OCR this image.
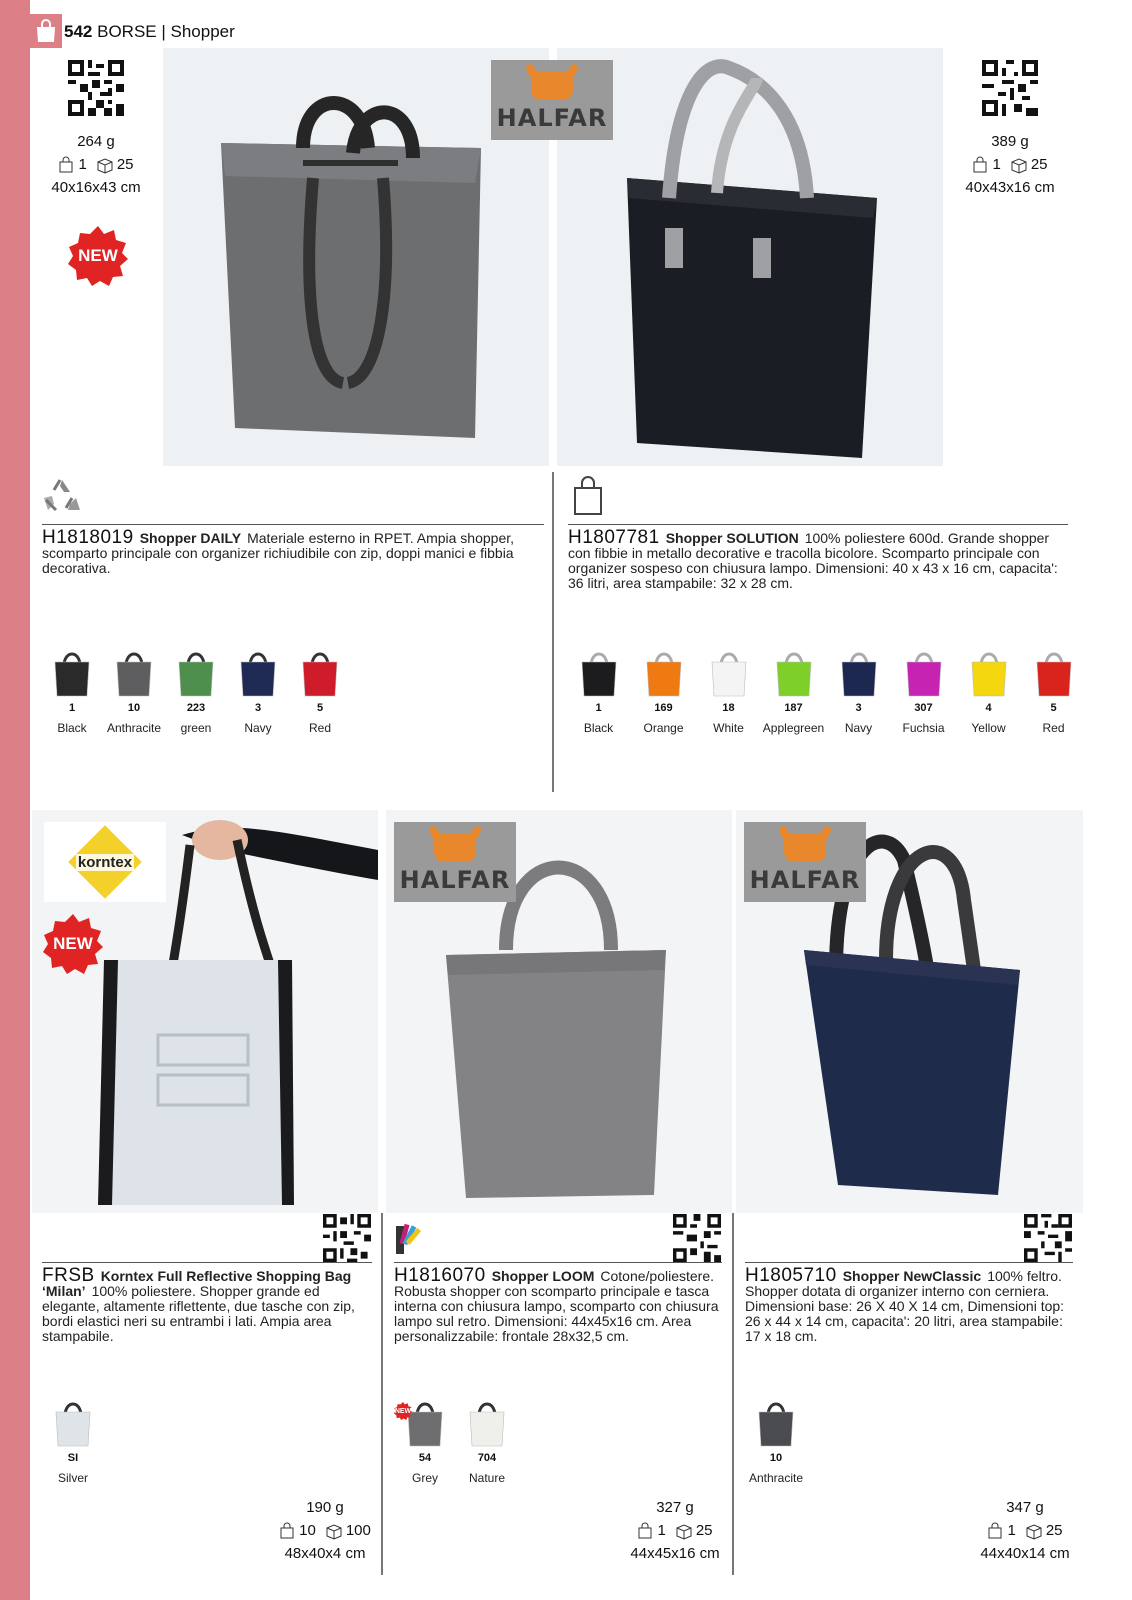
542 BORSE | Shopper
HALFAR
264 g
1 25
40x16x43 cm
NEW
389 g
1 25
40x43x16 cm
H1818019 Shopper DAILY Materiale esterno in RPET. Ampia shopper, scomparto principale con organizer richiudibile con zip, doppi manici e fibbia decorativa.
H1807781 Shopper SOLUTION 100% poliestere 600d. Grande shopper con fibbie in metallo decorative e tracolla bicolore. Scomparto principale con organizer sospeso con chiusura lampo. Dimensioni: 40 x 43 x 16 cm, capacita': 36 litri, area stampabile: 32 x 28 cm.
1
Black
10
Anthracite
223
green
3
Navy
5
Red
1
Black
169
Orange
18
White
187
Applegreen
3
Navy
307
Fuchsia
4
Yellow
5
Red
korntex
NEW
HALFAR	HALFAR
FRSB Korntex Full Reflective Shopping Bag ‘Milan’ 100% poliestere. Shopper grande ed elegante, altamente riflettente, due tasche con zip, bordi elastici neri su entrambi i lati. Ampia area stampabile.
H1816070 Shopper LOOM Cotone/poliestere. Robusta shopper con scomparto principale e tasca interna con chiusura lampo, scomparto con chiusura lampo sul retro. Dimensioni: 44x45x16 cm. Area personalizzabile: frontale 28x32,5 cm.
H1805710 Shopper NewClassic 100% feltro. Shopper dotata di organizer interno con cerniera. Dimensioni base: 26 X 40 X 14 cm, Dimensioni top: 26 x 44 x 14 cm, capacita': 20 litri, area stampabile: 17 x 18 cm.
SI
Silver
54
Grey
704
Nature
10
Anthracite
NEW
190 g
10 100
48x40x4 cm
327 g
1 25
44x45x16 cm
347 g
1 25
44x40x14 cm
